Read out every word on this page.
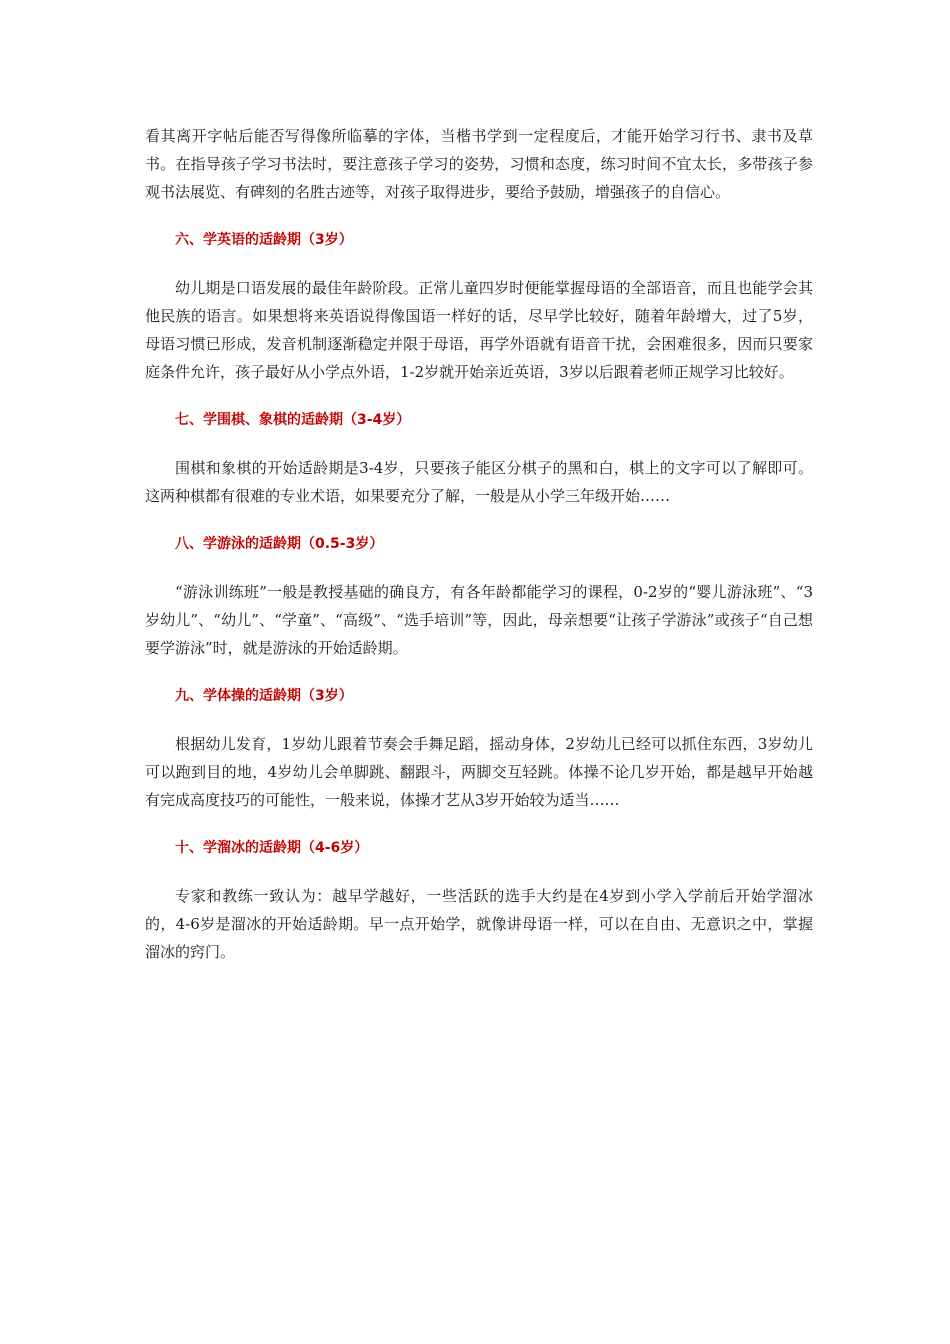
看其离开字帖后能否写得像所临摹的字体，当楷书学到一定程度后，才能开始学习行书、隶书及草书。在指导孩子学习书法时，要注意孩子学习的姿势，习惯和态度，练习时间不宜太长，多带孩子参观书法展览、有碑刻的名胜古迹等，对孩子取得进步，要给予鼓励，增强孩子的自信心。

六、学英语的适龄期（3岁）

幼儿期是口语发展的最佳年龄阶段。正常儿童四岁时便能掌握母语的全部语音，而且也能学会其他民族的语言。如果想将来英语说得像国语一样好的话，尽早学比较好，随着年龄增大，过了5岁，母语习惯已形成，发音机制逐渐稳定并限于母语，再学外语就有语音干扰，会困难很多，因而只要家庭条件允许，孩子最好从小学点外语，1-2岁就开始亲近英语，3岁以后跟着老师正规学习比较好。

七、学围棋、象棋的适龄期（3-4岁）

围棋和象棋的开始适龄期是3-4岁，只要孩子能区分棋子的黑和白，棋上的文字可以了解即可。这两种棋都有很难的专业术语，如果要充分了解，一般是从小学三年级开始……

八、学游泳的适龄期（0.5-3岁）

“游泳训练班”一般是教授基础的确良方，有各年龄都能学习的课程，0-2岁的“婴儿游泳班”、“3岁幼儿”、“幼儿”、“学童”、“高级”、“选手培训”等，因此，母亲想要“让孩子学游泳”或孩子“自己想要学游泳”时，就是游泳的开始适龄期。

九、学体操的适龄期（3岁）

根据幼儿发育，1岁幼儿跟着节奏会手舞足蹈，摇动身体，2岁幼儿已经可以抓住东西，3岁幼儿可以跑到目的地，4岁幼儿会单脚跳、翻跟斗，两脚交互轻跳。体操不论几岁开始，都是越早开始越有完成高度技巧的可能性，一般来说，体操才艺从3岁开始较为适当……

十、学溜冰的适龄期（4-6岁）

专家和教练一致认为：越早学越好，一些活跃的选手大约是在4岁到小学入学前后开始学溜冰的，4-6岁是溜冰的开始适龄期。早一点开始学，就像讲母语一样，可以在自由、无意识之中，掌握溜冰的窍门。
